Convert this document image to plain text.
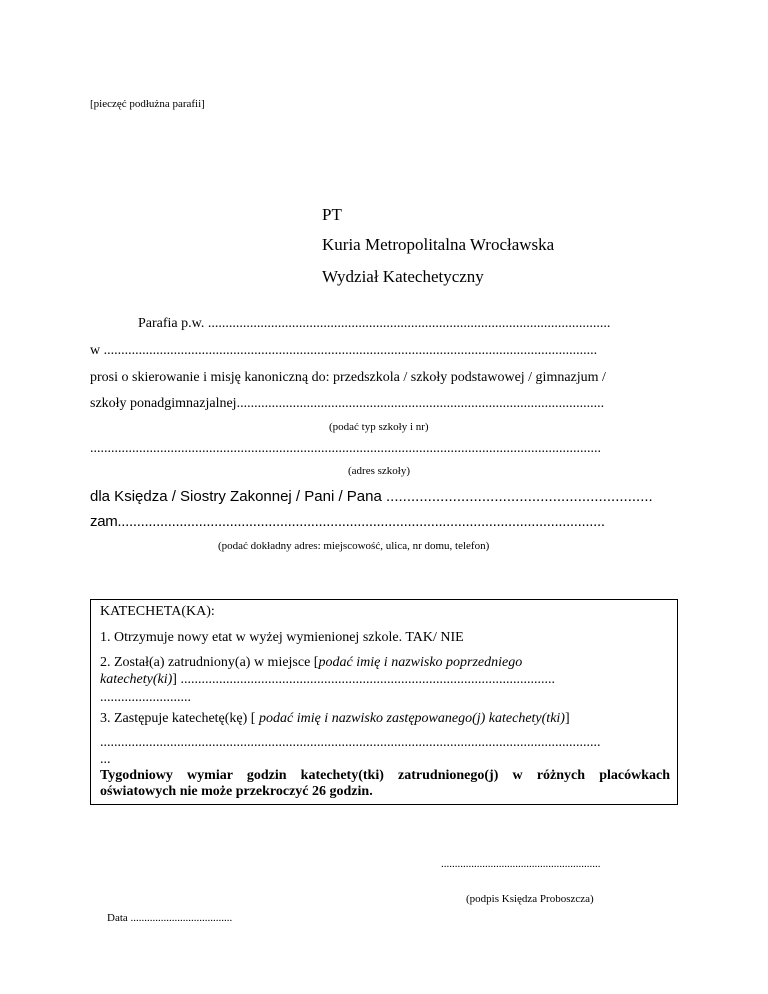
[pieczęć podłużna parafii]
PT
Kuria Metropolitalna Wrocławska
Wydział Katechetyczny
Parafia p.w. ...................................................................................................................
w .............................................................................................................................................
prosi o skierowanie i misję kanoniczną do: przedszkola / szkoły podstawowej / gimnazjum /
szkoły ponadgimnazjalnej.........................................................................................................
(podać typ szkoły i nr)
..................................................................................................................................................
(adres szkoły)
dla Księdza / Siostry Zakonnej / Pani / Pana ................................................................
zam..............................................................................................................................
(podać dokładny adres: miejscowość, ulica, nr domu, telefon)
KATECHETA(KA):
1. Otrzymuje nowy etat w wyżej wymienionej szkole. TAK/ NIE
2. Został(a) zatrudniony(a) w miejsce [podać imię i nazwisko poprzedniego
katechety(ki)] ...........................................................................................................
..........................
3. Zastępuje katechetę(kę) [ podać imię i nazwisko zastępowanego(j) katechety(tki)]
...............................................................................................................................................
...
Tygodniowy wymiar godzin katechety(tki) zatrudnionego(j) w różnych placówkach
oświatowych nie może przekroczyć 26 godzin.
..........................................................
(podpis Księdza Proboszcza)
Data .....................................
